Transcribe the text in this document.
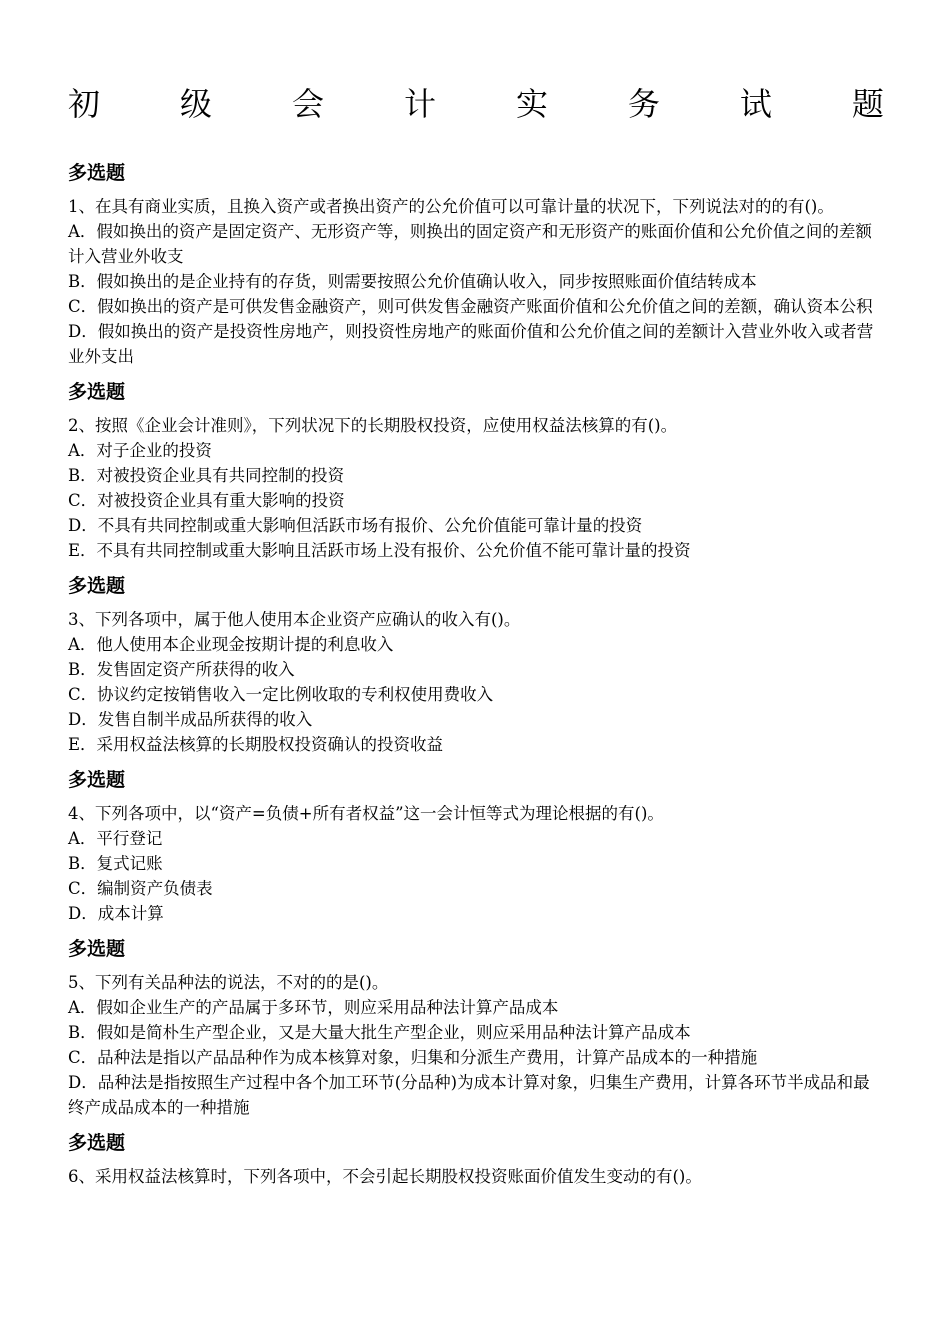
初 级 会 计 实 务 试 题
多选题

1、在具有商业实质，且换入资产或者换出资产的公允价值可以可靠计量的状况下，下列说法对的的有()。

A．假如换出的资产是固定资产、无形资产等，则换出的固定资产和无形资产的账面价值和公允价值之间的差额计入营业外收支
B．假如换出的是企业持有的存货，则需要按照公允价值确认收入，同步按照账面价值结转成本
C．假如换出的资产是可供发售金融资产，则可供发售金融资产账面价值和公允价值之间的差额，确认资本公积
D．假如换出的资产是投资性房地产，则投资性房地产的账面价值和公允价值之间的差额计入营业外收入或者营业外支出
多选题

2、按照《企业会计准则》，下列状况下的长期股权投资，应使用权益法核算的有()。

A．对子企业的投资
B．对被投资企业具有共同控制的投资
C．对被投资企业具有重大影响的投资
D．不具有共同控制或重大影响但活跃市场有报价、公允价值能可靠计量的投资
E．不具有共同控制或重大影响且活跃市场上没有报价、公允价值不能可靠计量的投资
多选题

3、下列各项中，属于他人使用本企业资产应确认的收入有()。

A．他人使用本企业现金按期计提的利息收入
B．发售固定资产所获得的收入
C．协议约定按销售收入一定比例收取的专利权使用费收入
D．发售自制半成品所获得的收入
E．采用权益法核算的长期股权投资确认的投资收益
多选题

4、下列各项中，以“资产=负债+所有者权益”这一会计恒等式为理论根据的有()。

A．平行登记
B．复式记账
C．编制资产负债表
D．成本计算
多选题

5、下列有关品种法的说法，不对的的是()。

A．假如企业生产的产品属于多环节，则应采用品种法计算产品成本
B．假如是简朴生产型企业，又是大量大批生产型企业，则应采用品种法计算产品成本
C．品种法是指以产品品种作为成本核算对象，归集和分派生产费用，计算产品成本的一种措施
D．品种法是指按照生产过程中各个加工环节(分品种)为成本计算对象，归集生产费用，计算各环节半成品和最终产成品成本的一种措施
多选题

6、采用权益法核算时，下列各项中，不会引起长期股权投资账面价值发生变动的有()。
